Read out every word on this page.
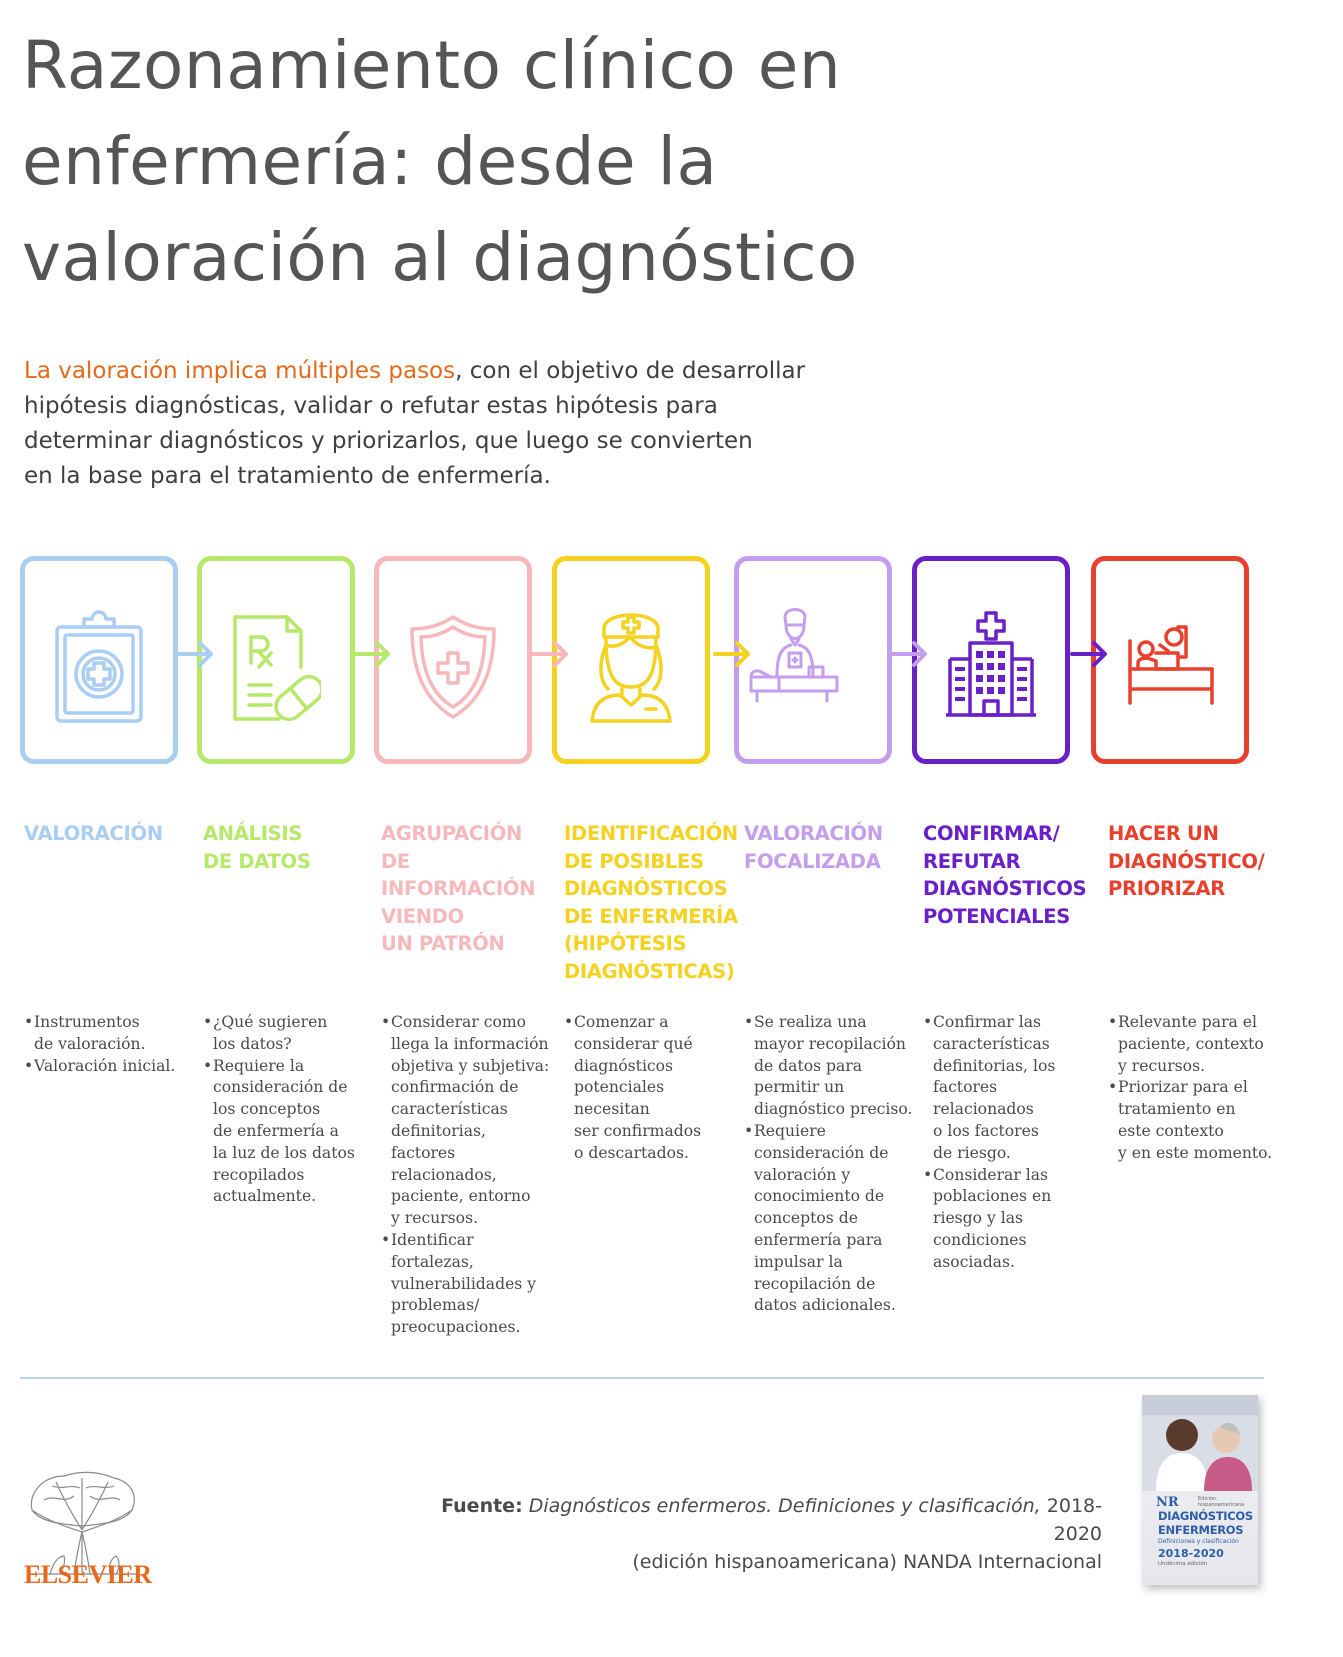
Razonamiento clínico en
enfermería: desde la
valoración al diagnóstico
La valoración implica múltiples pasos, con el objetivo de desarrollar
hipótesis diagnósticas, validar o refutar estas hipótesis para
determinar diagnósticos y priorizarlos, que luego se convierten
en la base para el tratamiento de enfermería.
VALORACIÓN	ANÁLISIS
DE DATOS
AGRUPACIÓN DE
INFORMACIÓN
VIENDO
UN PATRÓN
IDENTIFICACIÓN
DE POSIBLES
DIAGNÓSTICOS
DE ENFERMERÍA
(HIPÓTESIS
DIAGNÓSTICAS)
VALORACIÓN
FOCALIZADA
CONFIRMAR/
REFUTAR
DIAGNÓSTICOS
POTENCIALES
HACER UN
DIAGNÓSTICO/
PRIORIZAR
• Instrumentos
de valoración.
• Valoración inicial.
• ¿Qué sugieren
los datos?
• Requiere la
consideración de
los conceptos
de enfermería a
la luz de los datos
recopilados
actualmente.
• Considerar como
llega la información
objetiva y subjetiva:
confirmación de
características
definitorias,
factores
relacionados,
paciente, entorno
y recursos.
• Identificar
fortalezas,
vulnerabilidades y
problemas/
preocupaciones.
• Comenzar a
considerar qué
diagnósticos
potenciales necesitan
ser confirmados
o descartados.
• Se realiza una
mayor recopilación
de datos para
permitir un
diagnóstico preciso.
• Requiere
consideración de
valoración y
conocimiento de
conceptos de
enfermería para
impulsar la
recopilación de
datos adicionales.
• Confirmar las
características
definitorias, los
factores relacionados
o los factores
de riesgo.
• Considerar las
poblaciones en
riesgo y las
condiciones
asociadas.
• Relevante para el
paciente, contexto
y recursos.
• Priorizar para el
tratamiento en
este contexto
y en este momento.
ELSEVIER
Fuente: Diagnósticos enfermeros. Definiciones y clasificación, 2018-2020
(edición hispanoamericana) NANDA Internacional
NR	Edición hispanoamericana
DIAGNÓSTICOS
ENFERMEROS
Definiciones y clasificación
2018-2020
Undécima edición
